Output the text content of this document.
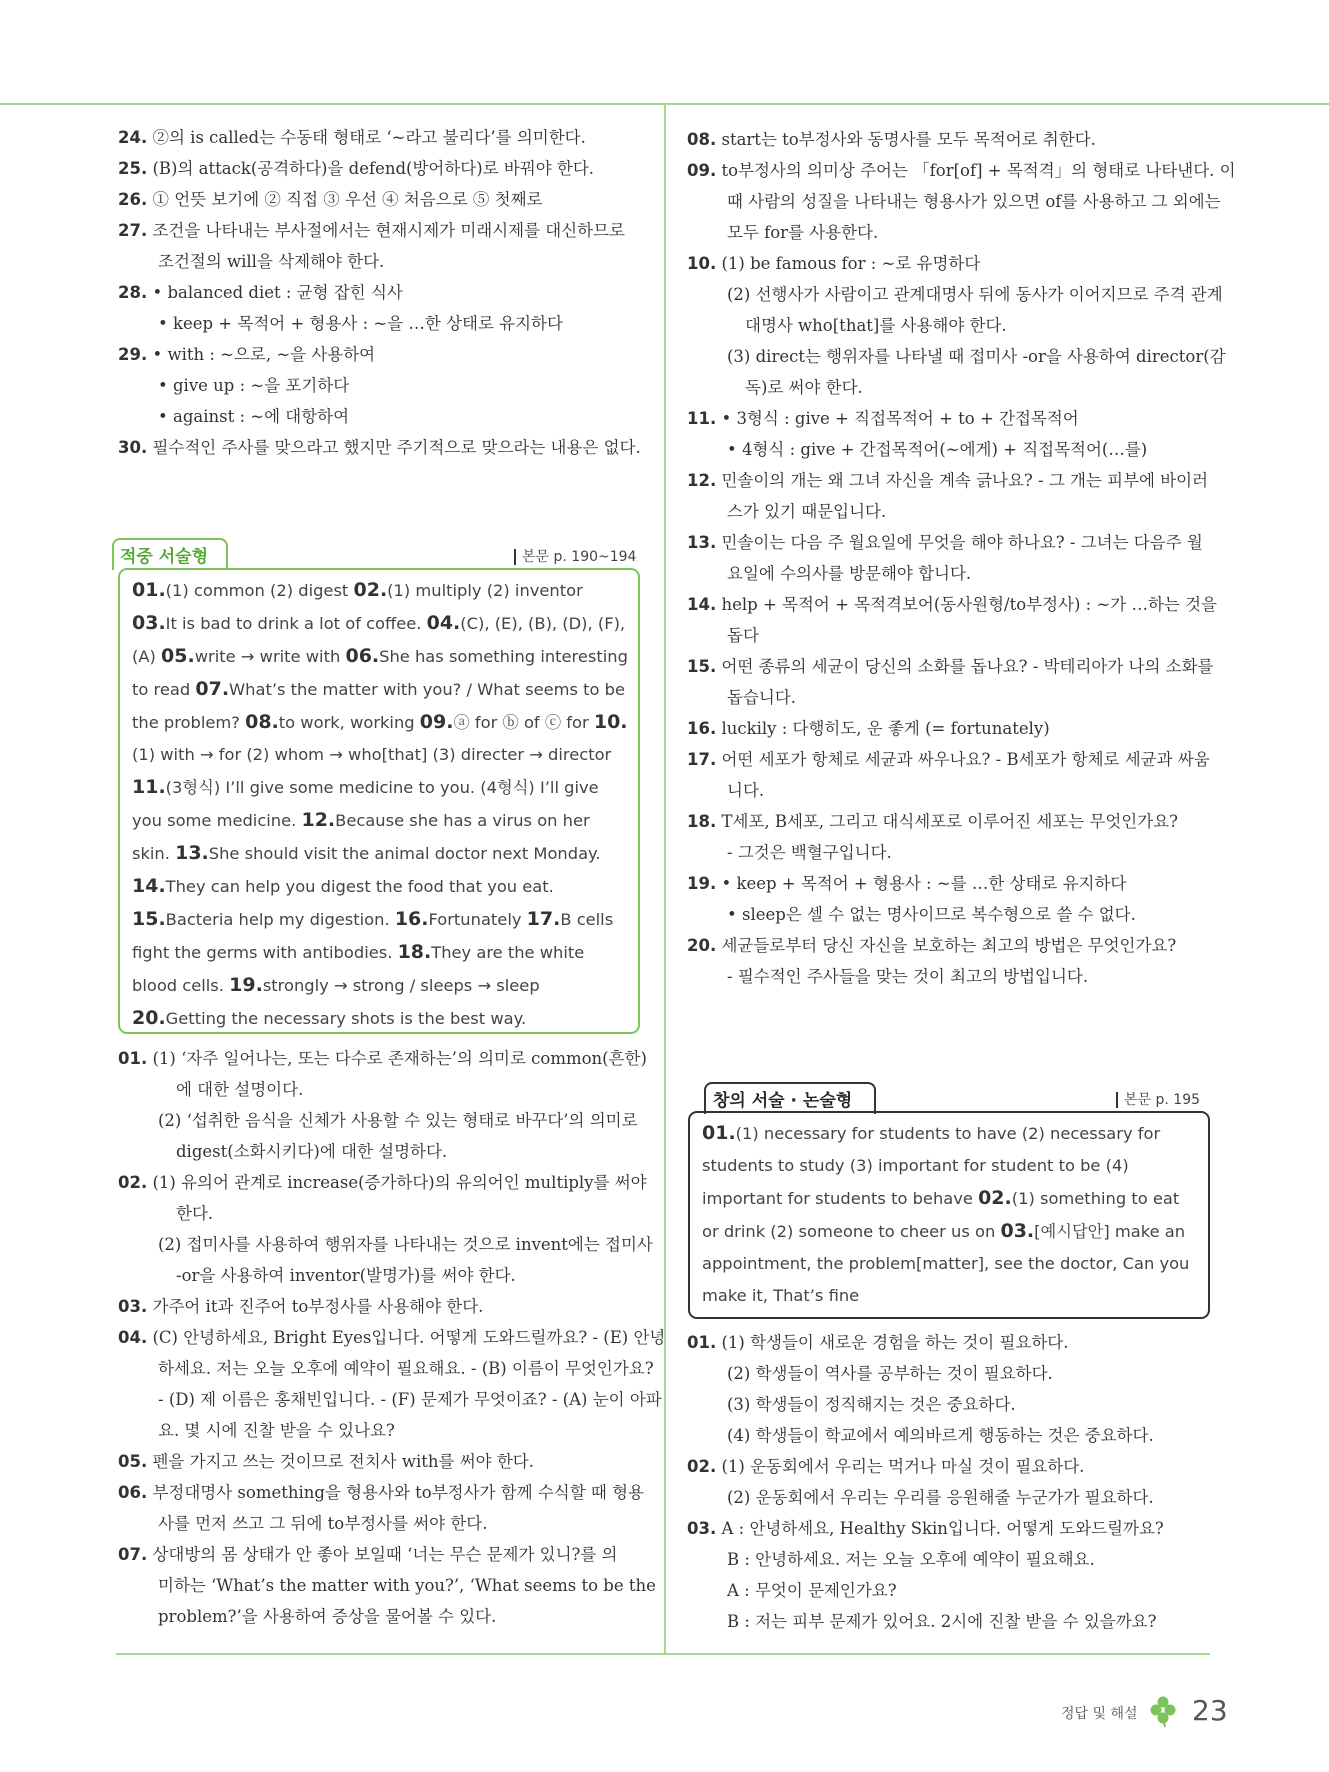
24. ②의 is called는 수동태 형태로 ‘~라고 불리다’를 의미한다.
25. (B)의 attack(공격하다)을 defend(방어하다)로 바꿔야 한다.
26. ① 언뜻 보기에 ② 직접 ③ 우선 ④ 처음으로 ⑤ 첫째로
27. 조건을 나타내는 부사절에서는 현재시제가 미래시제를 대신하므로
조건절의 will을 삭제해야 한다.
28. • balanced diet : 균형 잡힌 식사
• keep + 목적어 + 형용사 : ~을 …한 상태로 유지하다
29. • with : ~으로, ~을 사용하여
• give up : ~을 포기하다
• against : ~에 대항하여
30. 필수적인 주사를 맞으라고 했지만 주기적으로 맞으라는 내용은 없다.
적중 서술형	본문 p. 190~194
01.(1) common (2) digest 02.(1) multiply (2) inventor 03.It is bad to drink a lot of coffee. 04.(C), (E), (B), (D), (F), (A) 05.write → write with 06.She has something interesting to read 07.What’s the matter with you? / What seems to be the problem? 08.to work, working 09.ⓐ for ⓑ of ⓒ for 10.(1) with → for (2) whom → who[that] (3) directer → director 11.(3형식) I’ll give some medicine to you. (4형식) I’ll give you some medicine. 12.Because she has a virus on her skin. 13.She should visit the animal doctor next Monday. 14.They can help you digest the food that you eat. 15.Bacteria help my digestion. 16.Fortunately 17.B cells fight the germs with antibodies. 18.They are the white blood cells. 19.strongly → strong / sleeps → sleep 20.Getting the necessary shots is the best way.
01. (1) ‘자주 일어나는, 또는 다수로 존재하는’의 의미로 common(흔한)
에 대한 설명이다.
(2) ‘섭취한 음식을 신체가 사용할 수 있는 형태로 바꾸다’의 의미로
digest(소화시키다)에 대한 설명하다.
02. (1) 유의어 관계로 increase(증가하다)의 유의어인 multiply를 써야
한다.
(2) 접미사를 사용하여 행위자를 나타내는 것으로 invent에는 접미사
-or을 사용하여 inventor(발명가)를 써야 한다.
03. 가주어 it과 진주어 to부정사를 사용해야 한다.
04. (C) 안녕하세요, Bright Eyes입니다. 어떻게 도와드릴까요? - (E) 안녕
하세요. 저는 오늘 오후에 예약이 필요해요. - (B) 이름이 무엇인가요?
- (D) 제 이름은 홍채빈입니다. - (F) 문제가 무엇이죠? - (A) 눈이 아파
요. 몇 시에 진찰 받을 수 있나요?
05. 펜을 가지고 쓰는 것이므로 전치사 with를 써야 한다.
06. 부정대명사 something을 형용사와 to부정사가 함께 수식할 때 형용
사를 먼저 쓰고 그 뒤에 to부정사를 써야 한다.
07. 상대방의 몸 상태가 안 좋아 보일때 ‘너는 무슨 문제가 있니?를 의
미하는 ‘What’s the matter with you?’, ‘What seems to be the
problem?’을 사용하여 증상을 물어볼 수 있다.
08. start는 to부정사와 동명사를 모두 목적어로 취한다.
09. to부정사의 의미상 주어는 「for[of] + 목적격」의 형태로 나타낸다. 이
때 사람의 성질을 나타내는 형용사가 있으면 of를 사용하고 그 외에는
모두 for를 사용한다.
10. (1) be famous for : ~로 유명하다
(2) 선행사가 사람이고 관계대명사 뒤에 동사가 이어지므로 주격 관계
대명사 who[that]를 사용해야 한다.
(3) direct는 행위자를 나타낼 때 접미사 -or을 사용하여 director(감
독)로 써야 한다.
11. • 3형식 : give + 직접목적어 + to + 간접목적어
• 4형식 : give + 간접목적어(~에게) + 직접목적어(…를)
12. 민솔이의 개는 왜 그녀 자신을 계속 긁나요? - 그 개는 피부에 바이러
스가 있기 때문입니다.
13. 민솔이는 다음 주 월요일에 무엇을 해야 하나요? - 그녀는 다음주 월
요일에 수의사를 방문해야 합니다.
14. help + 목적어 + 목적격보어(동사원형/to부정사) : ~가 …하는 것을
돕다
15. 어떤 종류의 세균이 당신의 소화를 돕나요? - 박테리아가 나의 소화를
돕습니다.
16. luckily : 다행히도, 운 좋게 (= fortunately)
17. 어떤 세포가 항체로 세균과 싸우나요? - B세포가 항체로 세균과 싸움
니다.
18. T세포, B세포, 그리고 대식세포로 이루어진 세포는 무엇인가요?
- 그것은 백혈구입니다.
19. • keep + 목적어 + 형용사 : ~를 …한 상태로 유지하다
• sleep은 셀 수 없는 명사이므로 복수형으로 쓸 수 없다.
20. 세균들로부터 당신 자신을 보호하는 최고의 방법은 무엇인가요?
- 필수적인 주사들을 맞는 것이 최고의 방법입니다.
창의 서술 · 논술형	본문 p. 195
01.(1) necessary for students to have (2) necessary for students to study (3) important for student to be (4) important for students to behave 02.(1) something to eat or drink (2) someone to cheer us on 03.[예시답안] make an appointment, the problem[matter], see the doctor, Can you make it, That’s fine
01. (1) 학생들이 새로운 경험을 하는 것이 필요하다.
(2) 학생들이 역사를 공부하는 것이 필요하다.
(3) 학생들이 정직해지는 것은 중요하다.
(4) 학생들이 학교에서 예의바르게 행동하는 것은 중요하다.
02. (1) 운동회에서 우리는 먹거나 마실 것이 필요하다.
(2) 운동회에서 우리는 우리를 응원해줄 누군가가 필요하다.
03. A : 안녕하세요, Healthy Skin입니다. 어떻게 도와드릴까요?
B : 안녕하세요. 저는 오늘 오후에 예약이 필요해요.
A : 무엇이 문제인가요?
B : 저는 피부 문제가 있어요. 2시에 진찰 받을 수 있을까요?
정답 및 해설 23
